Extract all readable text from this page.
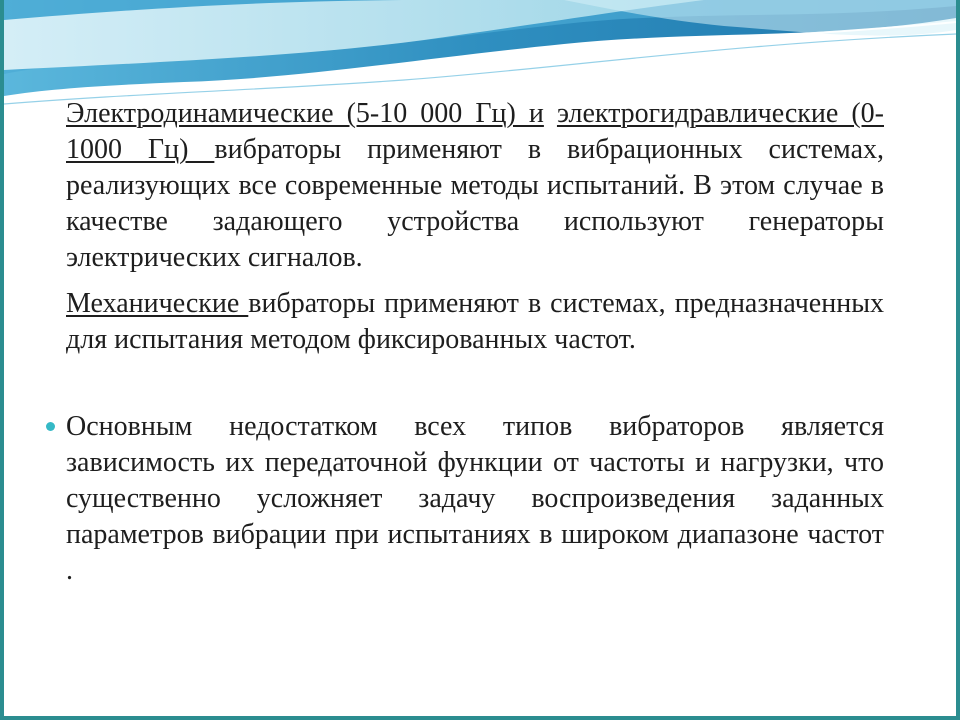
Электродинамические (5-10 000 Гц) и электрогидравлические (0-1000 Гц) вибраторы применяют в вибрационных системах, реализующих все современные методы испытаний. В этом случае в качестве задающего устройства используют генераторы электрических сигналов.

Механические вибраторы применяют в системах, предназначенных для испытания методом фиксированных частот.

Основным недостатком всех типов вибраторов является зависимость их передаточной функции от частоты и нагрузки, что существенно усложняет задачу воспроизведения заданных параметров вибрации при испытаниях в широком диапазоне частот .
